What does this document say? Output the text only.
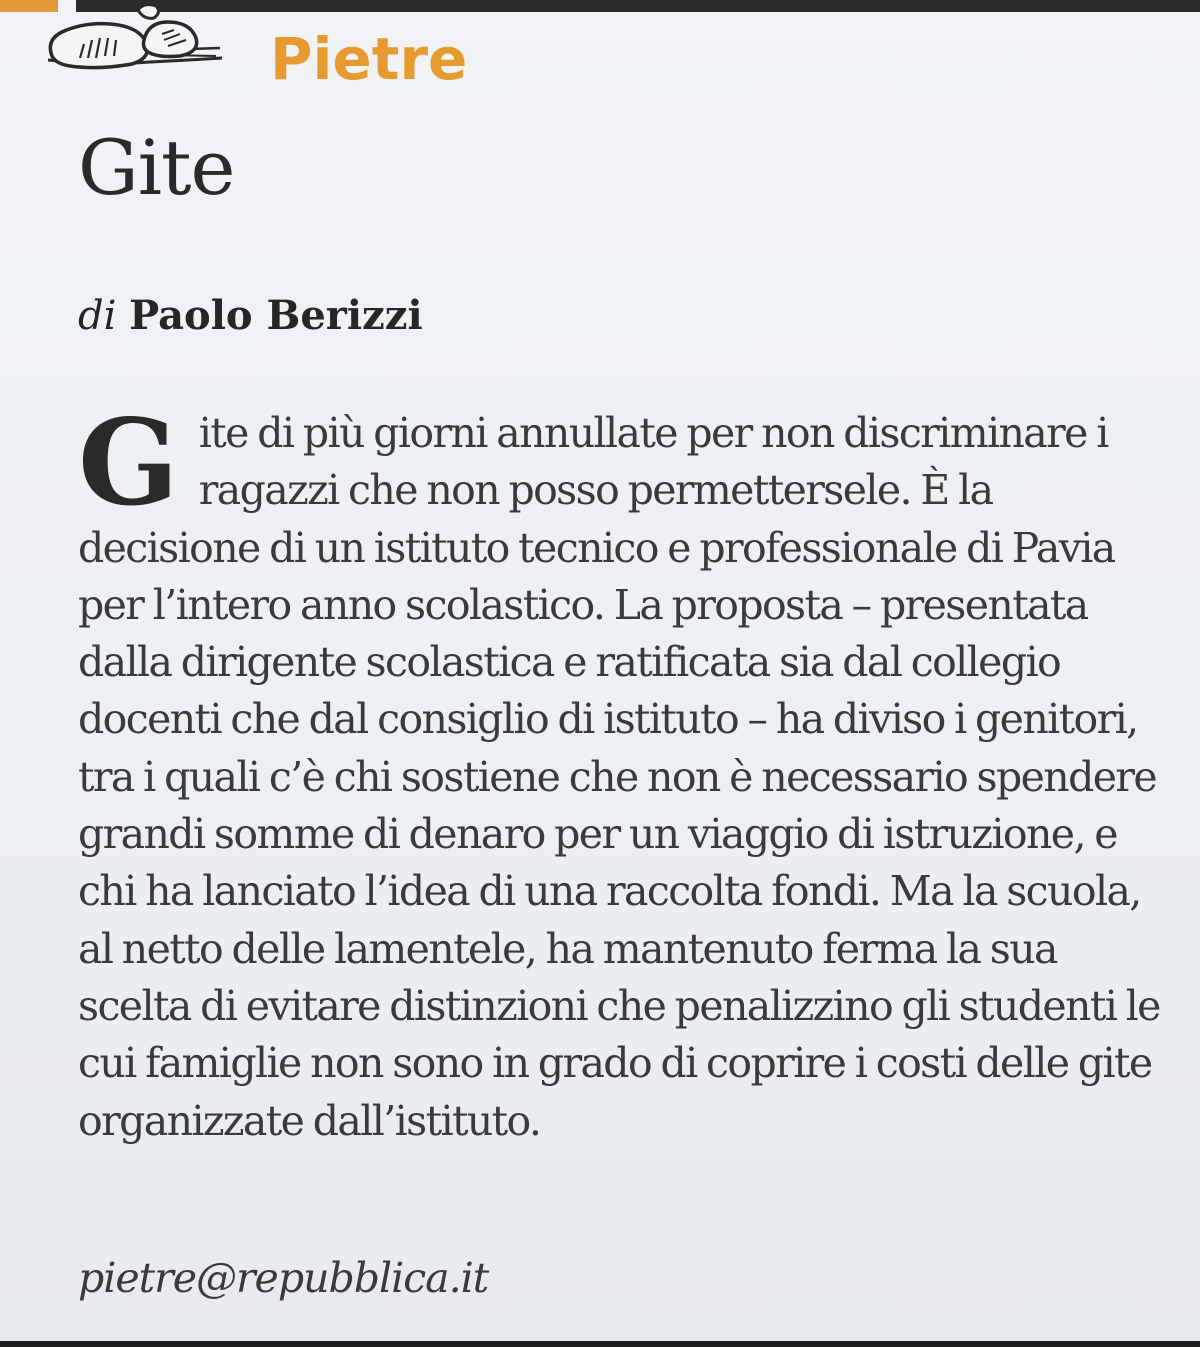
Pietre
Gite
di Paolo Berizzi
G ite di più giorni annullate per non discriminare i ragazzi che non posso permettersele. È la decisione di un istituto tecnico e professionale di Pavia per l’intero anno scolastico. La proposta – presentata dalla dirigente scolastica e ratificata sia dal collegio docenti che dal consiglio di istituto – ha diviso i genitori, tra i quali c’è chi sostiene che non è necessario spendere grandi somme di denaro per un viaggio di istruzione, e chi ha lanciato l’idea di una raccolta fondi. Ma la scuola, al netto delle lamentele, ha mantenuto ferma la sua scelta di evitare distinzioni che penalizzino gli studenti le cui famiglie non sono in grado di coprire i costi delle gite organizzate dall’istituto.
pietre@repubblica.it
